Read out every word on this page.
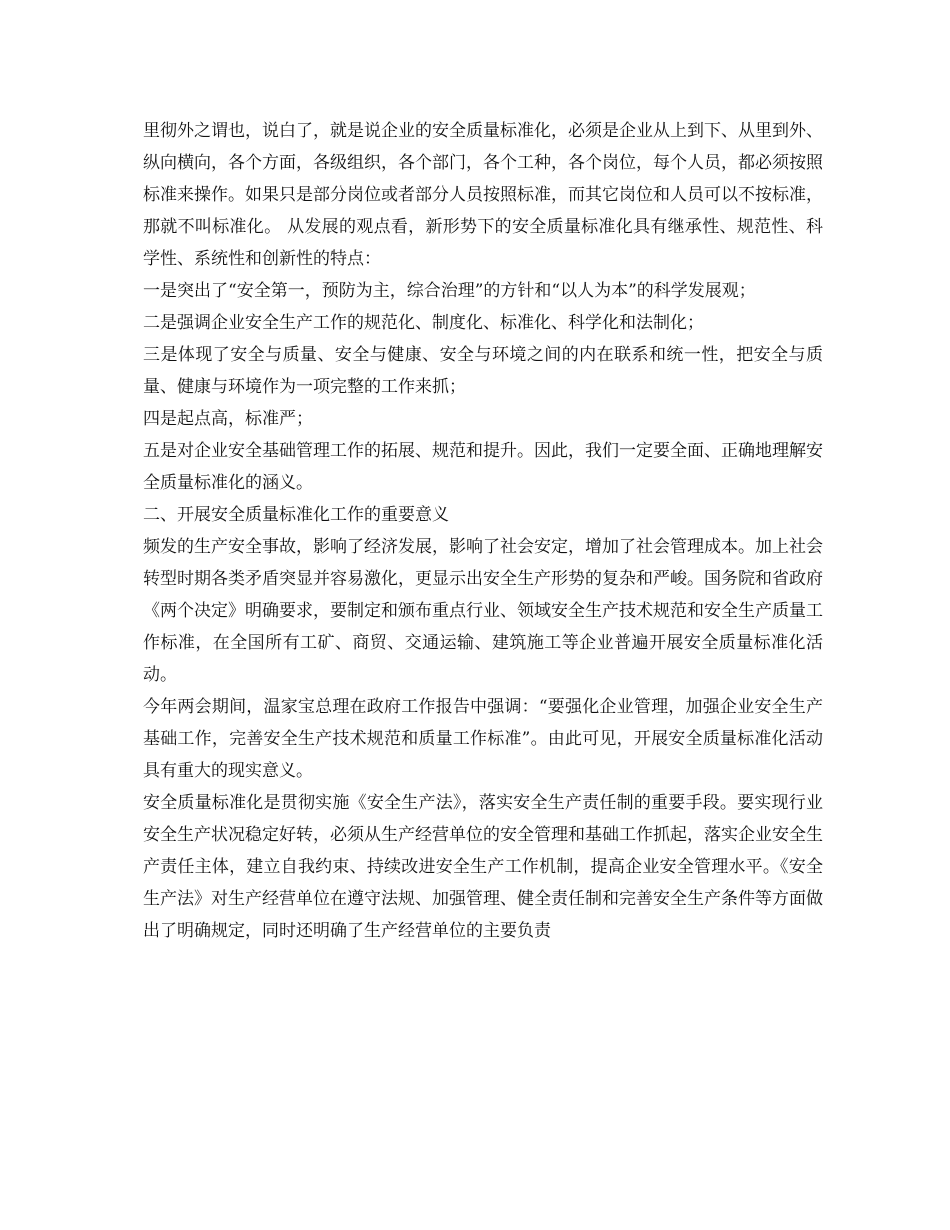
里彻外之谓也，说白了，就是说企业的安全质量标准化，必须是企业从上到下、从里到外、纵向横向，各个方面，各级组织，各个部门，各个工种，各个岗位，每个人员，都必须按照标准来操作。如果只是部分岗位或者部分人员按照标准，而其它岗位和人员可以不按标准，那就不叫标准化。 从发展的观点看，新形势下的安全质量标准化具有继承性、规范性、科学性、系统性和创新性的特点：

一是突出了“安全第一，预防为主，综合治理”的方针和“以人为本”的科学发展观；

二是强调企业安全生产工作的规范化、制度化、标准化、科学化和法制化；

三是体现了安全与质量、安全与健康、安全与环境之间的内在联系和统一性，把安全与质量、健康与环境作为一项完整的工作来抓；

四是起点高，标准严；

五是对企业安全基础管理工作的拓展、规范和提升。因此，我们一定要全面、正确地理解安全质量标准化的涵义。

二、开展安全质量标准化工作的重要意义

频发的生产安全事故，影响了经济发展，影响了社会安定，增加了社会管理成本。加上社会转型时期各类矛盾突显并容易激化，更显示出安全生产形势的复杂和严峻。国务院和省政府《两个决定》明确要求，要制定和颁布重点行业、领域安全生产技术规范和安全生产质量工作标准，在全国所有工矿、商贸、交通运输、建筑施工等企业普遍开展安全质量标准化活动。

今年两会期间，温家宝总理在政府工作报告中强调：“要强化企业管理，加强企业安全生产基础工作，完善安全生产技术规范和质量工作标准”。由此可见，开展安全质量标准化活动具有重大的现实意义。

安全质量标准化是贯彻实施《安全生产法》，落实安全生产责任制的重要手段。要实现行业安全生产状况稳定好转，必须从生产经营单位的安全管理和基础工作抓起，落实企业安全生产责任主体，建立自我约束、持续改进安全生产工作机制，提高企业安全管理水平。《安全生产法》对生产经营单位在遵守法规、加强管理、健全责任制和完善安全生产条件等方面做出了明确规定，同时还明确了生产经营单位的主要负责
